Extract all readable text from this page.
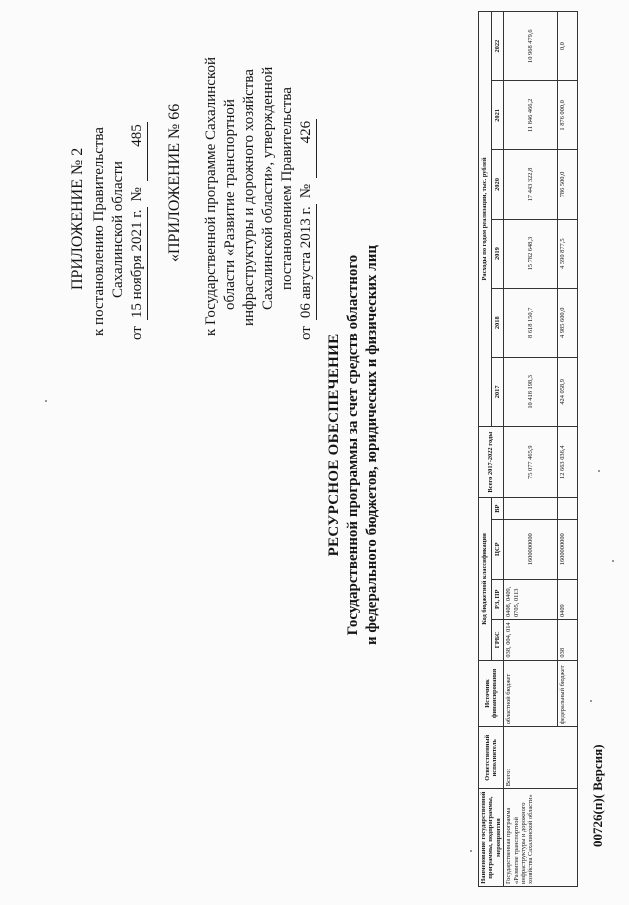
ПРИЛОЖЕНИЕ № 2 к постановлению Правительства Сахалинской области
от
15 ноября 2021 г.
№
485 «ПРИЛОЖЕНИЕ № 66 к Государственной программе Сахалинской области «Развитие транспортной инфраструктуры и дорожного хозяйства Сахалинской области», утвержденной постановлением Правительства
от
06 августа 2013 г.
№
426
РЕСУРСНОЕ ОБЕСПЕЧЕНИЕ Государственной программы за счет средств областного и федерального бюджетов, юридических и физических лиц
Наименование государственной программы, подпрограммы, мероприятия	Ответственный исполнитель	Источник финансирования	Код бюджетной классификации				Всего 2017-2022 годы	Расходы по годам реализации, тыс. рублей					
			ГРБС	РЗ, ПР	ЦСР	ВР		2017	2018	2019	2020	2021	2022
Государственная программа «Развитие транспортной инфраструктуры и дорожного хозяйства Сахалинской области»	Всего:	областной бюджет	038, 004, 014	0408, 0409, 0705, 0113	1600000000		75 077 465,9	10 418 198,3	8 618 150,7	15 782 648,3	17 443 322,8	11 846 466,2	10 968 479,6
		федеральный бюджет	038	0409	1600000000		12 663 036,4	424 058,9	4 985 600,0	4 590 877,5	786 500,0	1 876 000,0	0,0
00726(п)( Версия)
